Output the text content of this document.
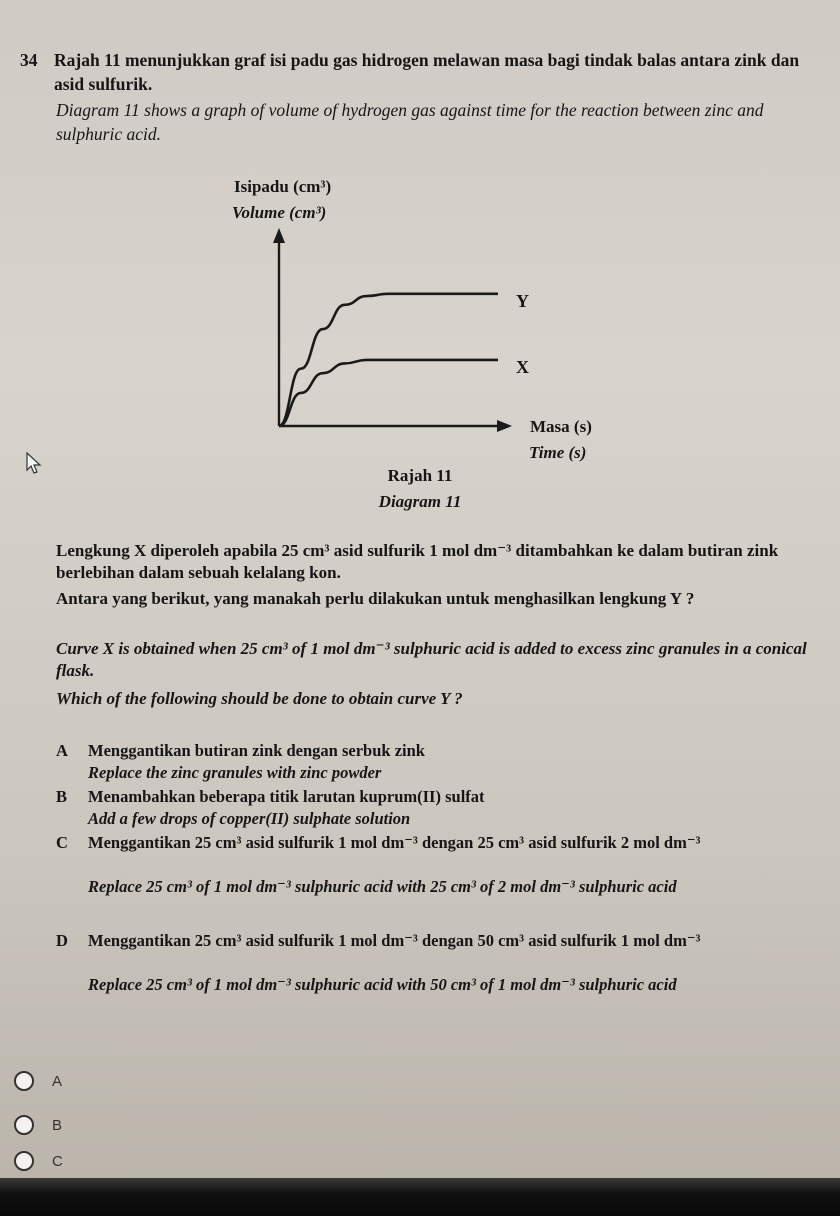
34 Rajah 11 menunjukkan graf isi padu gas hidrogen melawan masa bagi tindak balas antara zink dan asid sulfurik.
Diagram 11 shows a graph of volume of hydrogen gas against time for the reaction between zinc and sulphuric acid.
Isipadu (cm³)
Volume (cm³)
Y
X
Masa (s)
Time (s)
Rajah 11
Diagram 11
Lengkung X diperoleh apabila 25 cm³ asid sulfurik 1 mol dm⁻³ ditambahkan ke dalam butiran zink berlebihan dalam sebuah kelalang kon.
Antara yang berikut, yang manakah perlu dilakukan untuk menghasilkan lengkung Y ?
Curve X is obtained when 25 cm³ of 1 mol dm⁻³ sulphuric acid is added to excess zinc granules in a conical flask.
Which of the following should be done to obtain curve Y ?
A Menggantikan butiran zink dengan serbuk zink
Replace the zinc granules with zinc powder
B Menambahkan beberapa titik larutan kuprum(II) sulfat
Add a few drops of copper(II) sulphate solution
C Menggantikan 25 cm³ asid sulfurik 1 mol dm⁻³ dengan 25 cm³ asid sulfurik 2 mol dm⁻³
Replace 25 cm³ of 1 mol dm⁻³ sulphuric acid with 25 cm³ of 2 mol dm⁻³ sulphuric acid
D Menggantikan 25 cm³ asid sulfurik 1 mol dm⁻³ dengan 50 cm³ asid sulfurik 1 mol dm⁻³
Replace 25 cm³ of 1 mol dm⁻³ sulphuric acid with 50 cm³ of 1 mol dm⁻³ sulphuric acid
A
B
C
